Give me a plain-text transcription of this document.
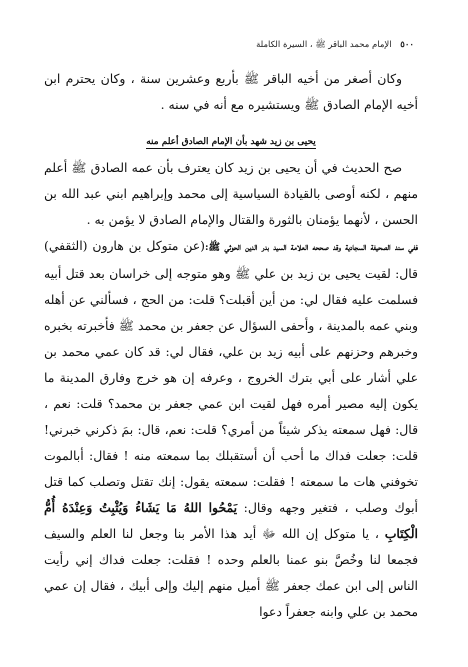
٥٠٠ الإمام محمد الباقر ﷺ ، السيرة الكاملة

وكان أصغر من أخيه الباقر ﷺ بأربع وعشرين سنة ، وكان يحترم ابن أخيه الإمام الصادق ﷺ ويستشيره مع أنه في سنه .

يحيى بن زيد شهد بأن الإمام الصادق أعلم منه

صح الحديث في أن يحيى بن زيد كان يعترف بأن عمه الصادق ﷺ أعلم منهم ، لكنه أوصى بالقيادة السياسية إلى محمد وإبراهيم ابني عبد الله بن الحسن ، لأنهما يؤمنان بالثورة والقتال والإمام الصادق لا يؤمن به .

ففي سند الصحيفة السجادية وقد صححه العلامة السيد بدر الدين الحوثي ﷺ:(عن متوكل بن هارون (الثقفي) قال: لقيت يحيى بن زيد بن علي ﷺ وهو متوجه إلى خراسان بعد قتل أبيه فسلمت عليه فقال لي: من أين أقبلت؟ قلت: من الحج ، فسألني عن أهله وبني عمه بالمدينة ، وأحفى السؤال عن جعفر بن محمد ﷺ فأخبرته بخبره وخبرهم وحزنهم على أبيه زيد بن علي، فقال لي: قد كان عمي محمد بن علي أشار على أبي بترك الخروج ، وعرفه إن هو خرج وفارق المدينة ما يكون إليه مصير أمره فهل لقيت ابن عمي جعفر بن محمد؟ قلت: نعم ، قال: فهل سمعته يذكر شيئاً من أمري؟ قلت: نعم، قال: بمَ ذكرني خبرني! قلت: جعلت فداك ما أحب أن أستقبلك بما سمعته منه ! فقال: أبالموت تخوفني هات ما سمعته ! فقلت: سمعته يقول: إنك تقتل وتصلب كما قتل أبوك وصلب ، فتغير وجهه وقال: يَمْحُوا اللهُ مَا يَشَاءُ وَيُثْبِتُ وَعِنْدَهُ أُمُّ الْكِتَابِ ، يا متوكل إن الله ﷻ أيد هذا الأمر بنا وجعل لنا العلم والسيف فجمعا لنا وخُصَّ بنو عمنا بالعلم وحده ! فقلت: جعلت فداك إني رأيت الناس إلى ابن عمك جعفر ﷺ أميل منهم إليك وإلى أبيك ، فقال إن عمي محمد بن علي وابنه جعفراً دعوا
